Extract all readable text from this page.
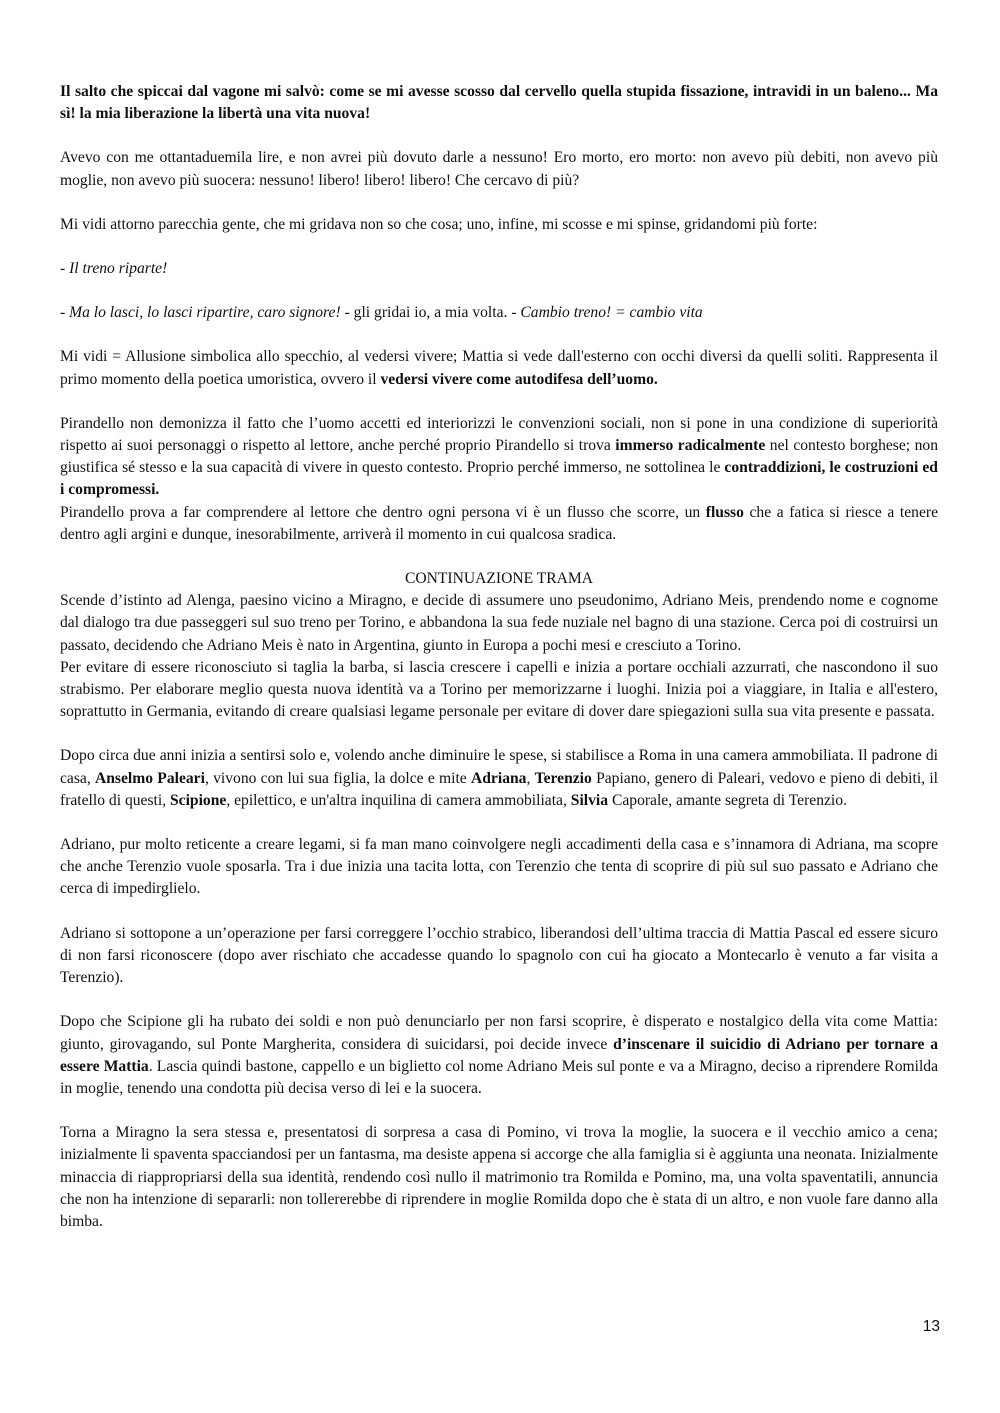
Il salto che spiccai dal vagone mi salvò: come se mi avesse scosso dal cervello quella stupida fissazione, intravidi in un baleno... Ma sì! la mia liberazione la libertà una vita nuova!

Avevo con me ottantaduemila lire, e non avrei più dovuto darle a nessuno! Ero morto, ero morto: non avevo più debiti, non avevo più moglie, non avevo più suocera: nessuno! libero! libero! libero! Che cercavo di più?

Mi vidi attorno parecchia gente, che mi gridava non so che cosa; uno, infine, mi scosse e mi spinse, gridandomi più forte:

- Il treno riparte!

- Ma lo lasci, lo lasci ripartire, caro signore! - gli gridai io, a mia volta. - Cambio treno! = cambio vita

Mi vidi = Allusione simbolica allo specchio, al vedersi vivere; Mattia si vede dall'esterno con occhi diversi da quelli soliti. Rappresenta il primo momento della poetica umoristica, ovvero il vedersi vivere come autodifesa dell’uomo.

Pirandello non demonizza il fatto che l’uomo accetti ed interiorizzi le convenzioni sociali, non si pone in una condizione di superiorità rispetto ai suoi personaggi o rispetto al lettore, anche perché proprio Pirandello si trova immerso radicalmente nel contesto borghese; non giustifica sé stesso e la sua capacità di vivere in questo contesto. Proprio perché immerso, ne sottolinea le contraddizioni, le costruzioni ed i compromessi.

Pirandello prova a far comprendere al lettore che dentro ogni persona vi è un flusso che scorre, un flusso che a fatica si riesce a tenere dentro agli argini e dunque, inesorabilmente, arriverà il momento in cui qualcosa sradica.

CONTINUAZIONE TRAMA

Scende d’istinto ad Alenga, paesino vicino a Miragno, e decide di assumere uno pseudonimo, Adriano Meis, prendendo nome e cognome dal dialogo tra due passeggeri sul suo treno per Torino, e abbandona la sua fede nuziale nel bagno di una stazione. Cerca poi di costruirsi un passato, decidendo che Adriano Meis è nato in Argentina, giunto in Europa a pochi mesi e cresciuto a Torino.

Per evitare di essere riconosciuto si taglia la barba, si lascia crescere i capelli e inizia a portare occhiali azzurrati, che nascondono il suo strabismo. Per elaborare meglio questa nuova identità va a Torino per memorizzarne i luoghi. Inizia poi a viaggiare, in Italia e all'estero, soprattutto in Germania, evitando di creare qualsiasi legame personale per evitare di dover dare spiegazioni sulla sua vita presente e passata.

Dopo circa due anni inizia a sentirsi solo e, volendo anche diminuire le spese, si stabilisce a Roma in una camera ammobiliata. Il padrone di casa, Anselmo Paleari, vivono con lui sua figlia, la dolce e mite Adriana, Terenzio Papiano, genero di Paleari, vedovo e pieno di debiti, il fratello di questi, Scipione, epilettico, e un'altra inquilina di camera ammobiliata, Silvia Caporale, amante segreta di Terenzio.

Adriano, pur molto reticente a creare legami, si fa man mano coinvolgere negli accadimenti della casa e s’innamora di Adriana, ma scopre che anche Terenzio vuole sposarla. Tra i due inizia una tacita lotta, con Terenzio che tenta di scoprire di più sul suo passato e Adriano che cerca di impedirglielo.

Adriano si sottopone a un’operazione per farsi correggere l’occhio strabico, liberandosi dell’ultima traccia di Mattia Pascal ed essere sicuro di non farsi riconoscere (dopo aver rischiato che accadesse quando lo spagnolo con cui ha giocato a Montecarlo è venuto a far visita a Terenzio).

Dopo che Scipione gli ha rubato dei soldi e non può denunciarlo per non farsi scoprire, è disperato e nostalgico della vita come Mattia: giunto, girovagando, sul Ponte Margherita, considera di suicidarsi, poi decide invece d’inscenare il suicidio di Adriano per tornare a essere Mattia. Lascia quindi bastone, cappello e un biglietto col nome Adriano Meis sul ponte e va a Miragno, deciso a riprendere Romilda in moglie, tenendo una condotta più decisa verso di lei e la suocera.

Torna a Miragno la sera stessa e, presentatosi di sorpresa a casa di Pomino, vi trova la moglie, la suocera e il vecchio amico a cena; inizialmente li spaventa spacciandosi per un fantasma, ma desiste appena si accorge che alla famiglia si è aggiunta una neonata. Inizialmente minaccia di riappropriarsi della sua identità, rendendo così nullo il matrimonio tra Romilda e Pomino, ma, una volta spaventatili, annuncia che non ha intenzione di separarli: non tollererebbe di riprendere in moglie Romilda dopo che è stata di un altro, e non vuole fare danno alla bimba.

13
